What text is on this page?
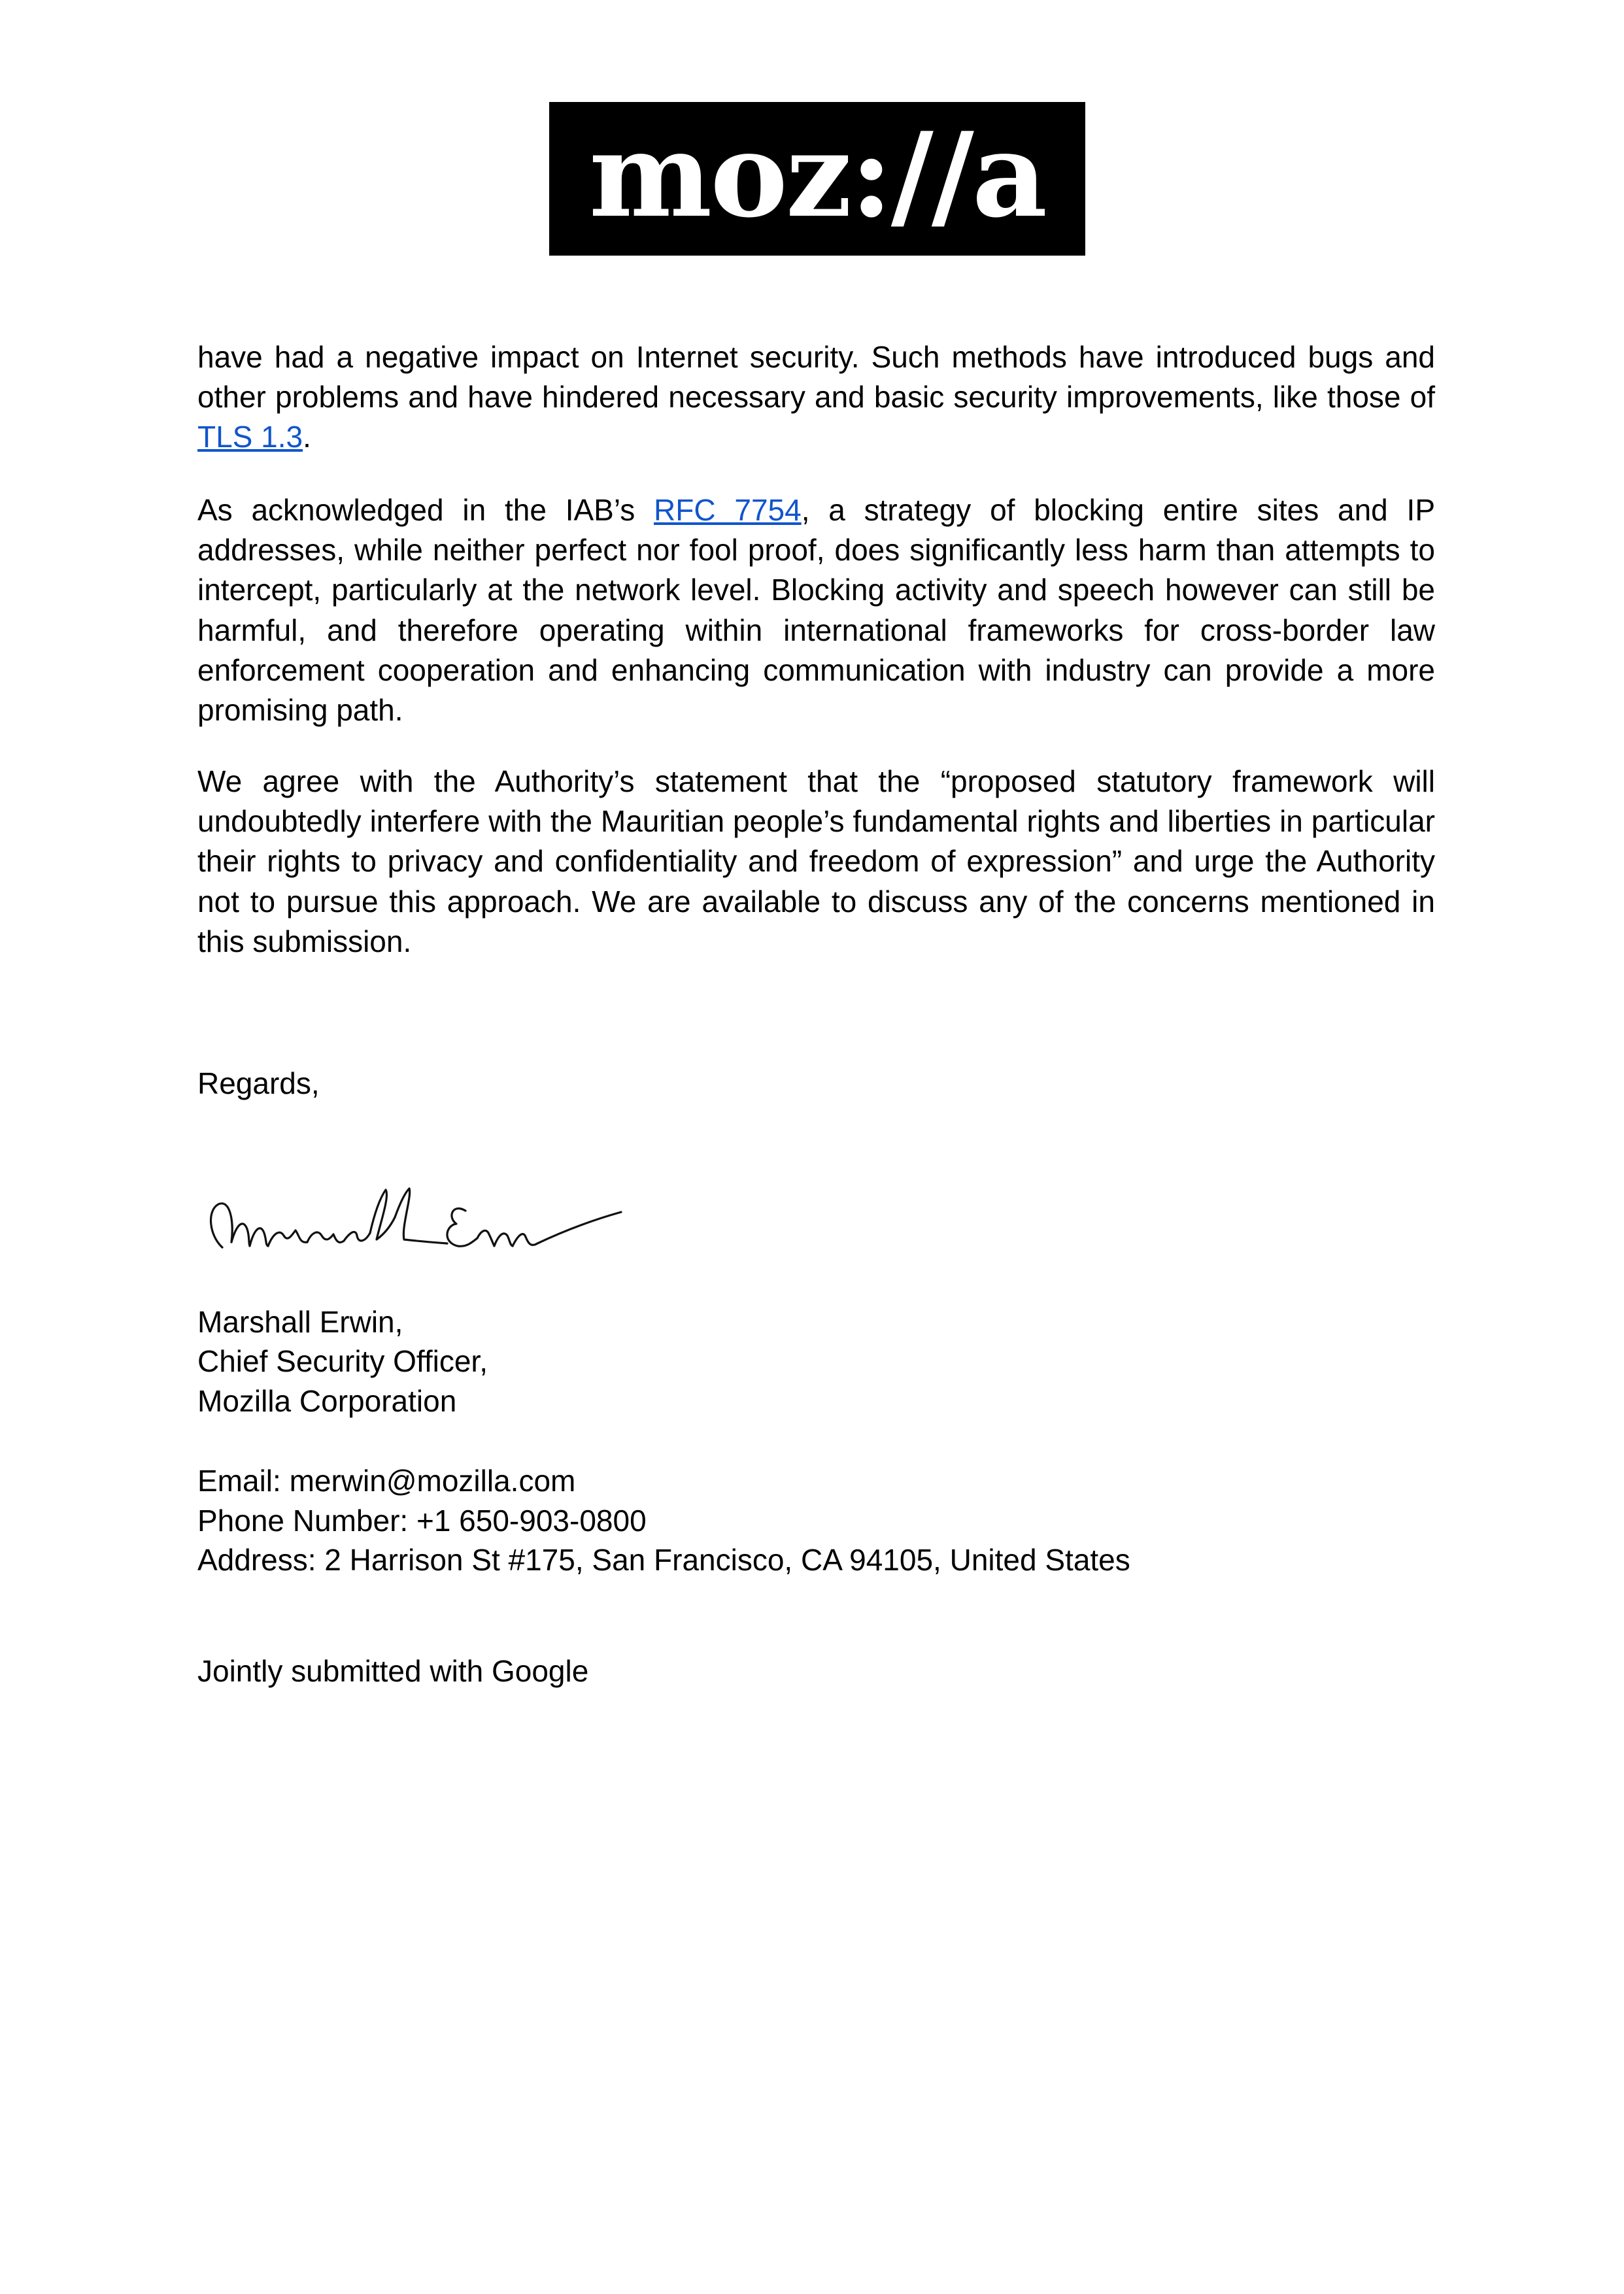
moz://a

have had a negative impact on Internet security. Such methods have introduced bugs and other problems and have hindered necessary and basic security improvements, like those of TLS 1.3.

As acknowledged in the IAB’s RFC 7754, a strategy of blocking entire sites and IP addresses, while neither perfect nor fool proof, does significantly less harm than attempts to intercept, particularly at the network level. Blocking activity and speech however can still be harmful, and therefore operating within international frameworks for cross-border law enforcement cooperation and enhancing communication with industry can provide a more promising path.

We agree with the Authority’s statement that the “proposed statutory framework will undoubtedly interfere with the Mauritian people’s fundamental rights and liberties in particular their rights to privacy and confidentiality and freedom of expression” and urge the Authority not to pursue this approach. We are available to discuss any of the concerns mentioned in this submission.

Regards,
Marshall Erwin,
Chief Security Officer,
Mozilla Corporation
Email: merwin@mozilla.com
Phone Number: +1 650-903-0800
Address: 2 Harrison St #175, San Francisco, CA 94105, United States
Jointly submitted with Google
